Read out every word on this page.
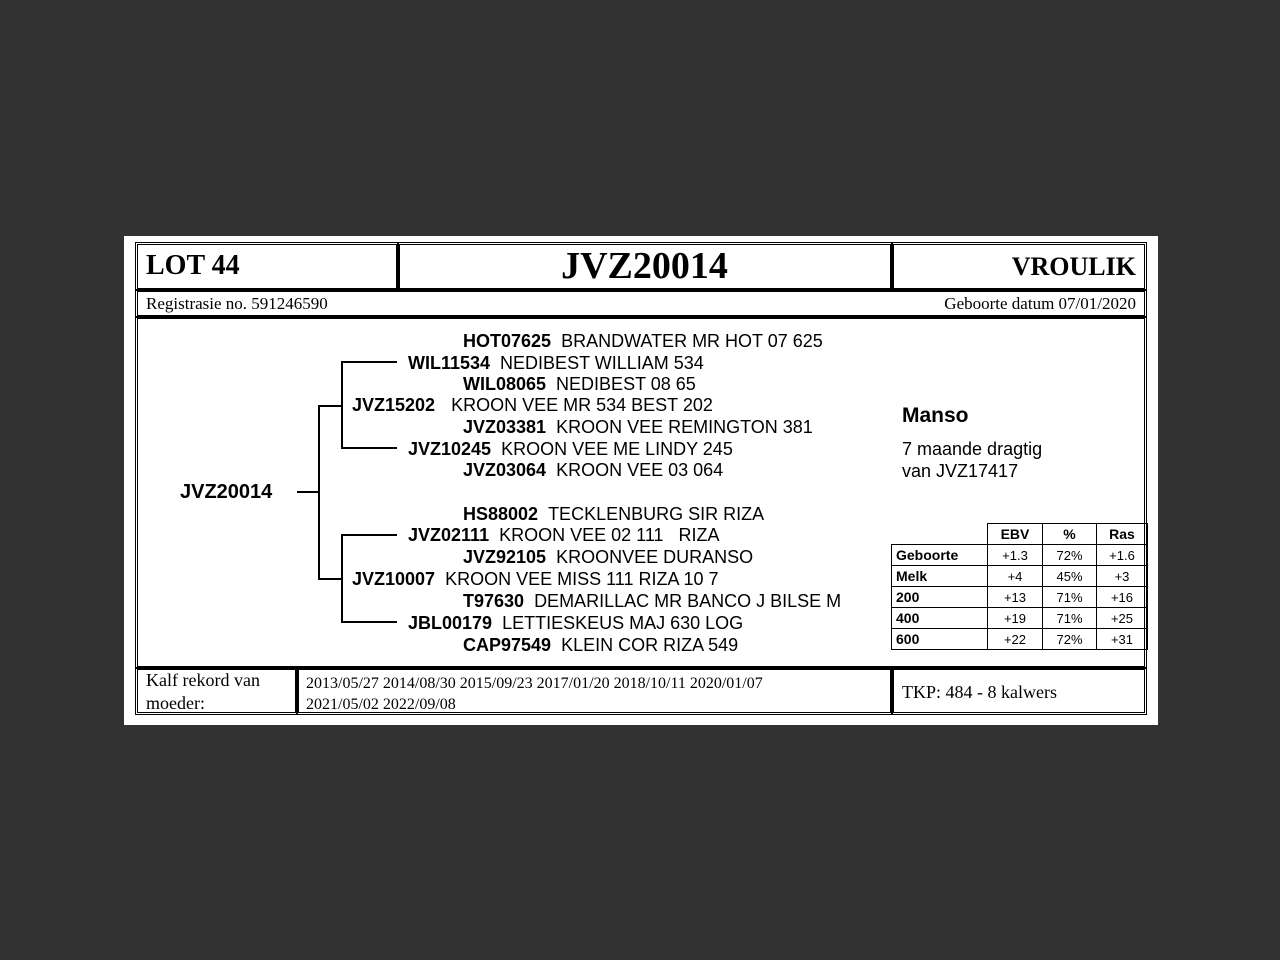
LOT 44	JVZ20014	VROULIK
Registrasie no. 591246590	Geboorte datum 07/01/2020
JVZ20014
HOT07625 BRANDWATER MR HOT 07 625
WIL11534 NEDIBEST WILLIAM 534
WIL08065 NEDIBEST 08 65
JVZ15202 KROON VEE MR 534 BEST 202
JVZ03381 KROON VEE REMINGTON 381
JVZ10245 KROON VEE ME LINDY 245
JVZ03064 KROON VEE 03 064
HS88002 TECKLENBURG SIR RIZA
JVZ02111 KROON VEE 02 111   RIZA
JVZ92105 KROONVEE DURANSO
JVZ10007 KROON VEE MISS 111 RIZA 10 7
T97630 DEMARILLAC MR BANCO J BILSE M
JBL00179 LETTIESKEUS MAJ 630 LOG
CAP97549 KLEIN COR RIZA 549
Manso
7 maande dragtig
van JVZ17417
	EBV	%	Ras
Geboorte	+1.3	72%	+1.6
Melk	+4	45%	+3
200	+13	71%	+16
400	+19	71%	+25
600	+22	72%	+31
Kalf rekord van
moeder:
2013/05/27 2014/08/30 2015/09/23 2017/01/20 2018/10/11 2020/01/07
2021/05/02 2022/09/08
TKP: 484 - 8 kalwers
